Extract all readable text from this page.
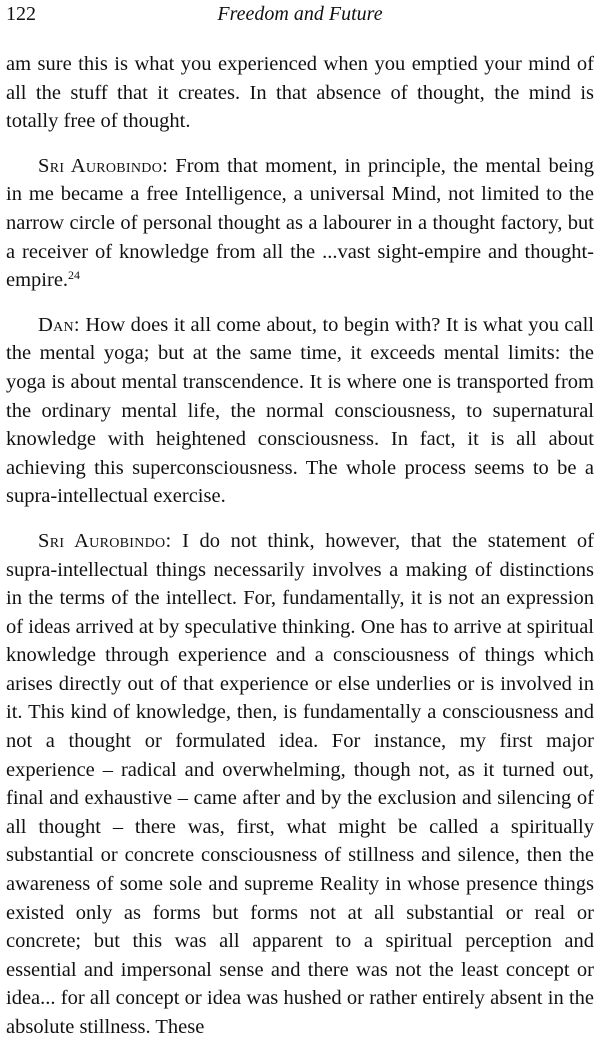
122	Freedom and Future

am sure this is what you experienced when you emptied your mind of all the stuff that it creates. In that absence of thought, the mind is totally free of thought.

Sri Aurobindo: From that moment, in principle, the mental being in me became a free Intelligence, a universal Mind, not limited to the narrow circle of personal thought as a labourer in a thought factory, but a receiver of knowledge from all the ...vast sight-empire and thought-empire.$^{24}$

Dan: How does it all come about, to begin with? It is what you call the mental yoga; but at the same time, it exceeds mental limits: the yoga is about mental transcendence. It is where one is transported from the ordinary mental life, the normal consciousness, to supernatural knowledge with heightened consciousness. In fact, it is all about achieving this superconsciousness. The whole process seems to be a supra-intellectual exercise.

Sri Aurobindo: I do not think, however, that the statement of supra-intellectual things necessarily involves a making of distinctions in the terms of the intellect. For, fundamentally, it is not an expression of ideas arrived at by speculative thinking. One has to arrive at spiritual knowledge through experience and a consciousness of things which arises directly out of that experience or else underlies or is involved in it. This kind of knowledge, then, is fundamentally a consciousness and not a thought or formulated idea. For instance, my first major experience – radical and overwhelming, though not, as it turned out, final and exhaustive – came after and by the exclusion and silencing of all thought – there was, first, what might be called a spiritually substantial or concrete consciousness of stillness and silence, then the awareness of some sole and supreme Reality in whose presence things existed only as forms but forms not at all substantial or real or concrete; but this was all apparent to a spiritual perception and essential and impersonal sense and there was not the least concept or idea... for all concept or idea was hushed or rather entirely absent in the absolute stillness. These
